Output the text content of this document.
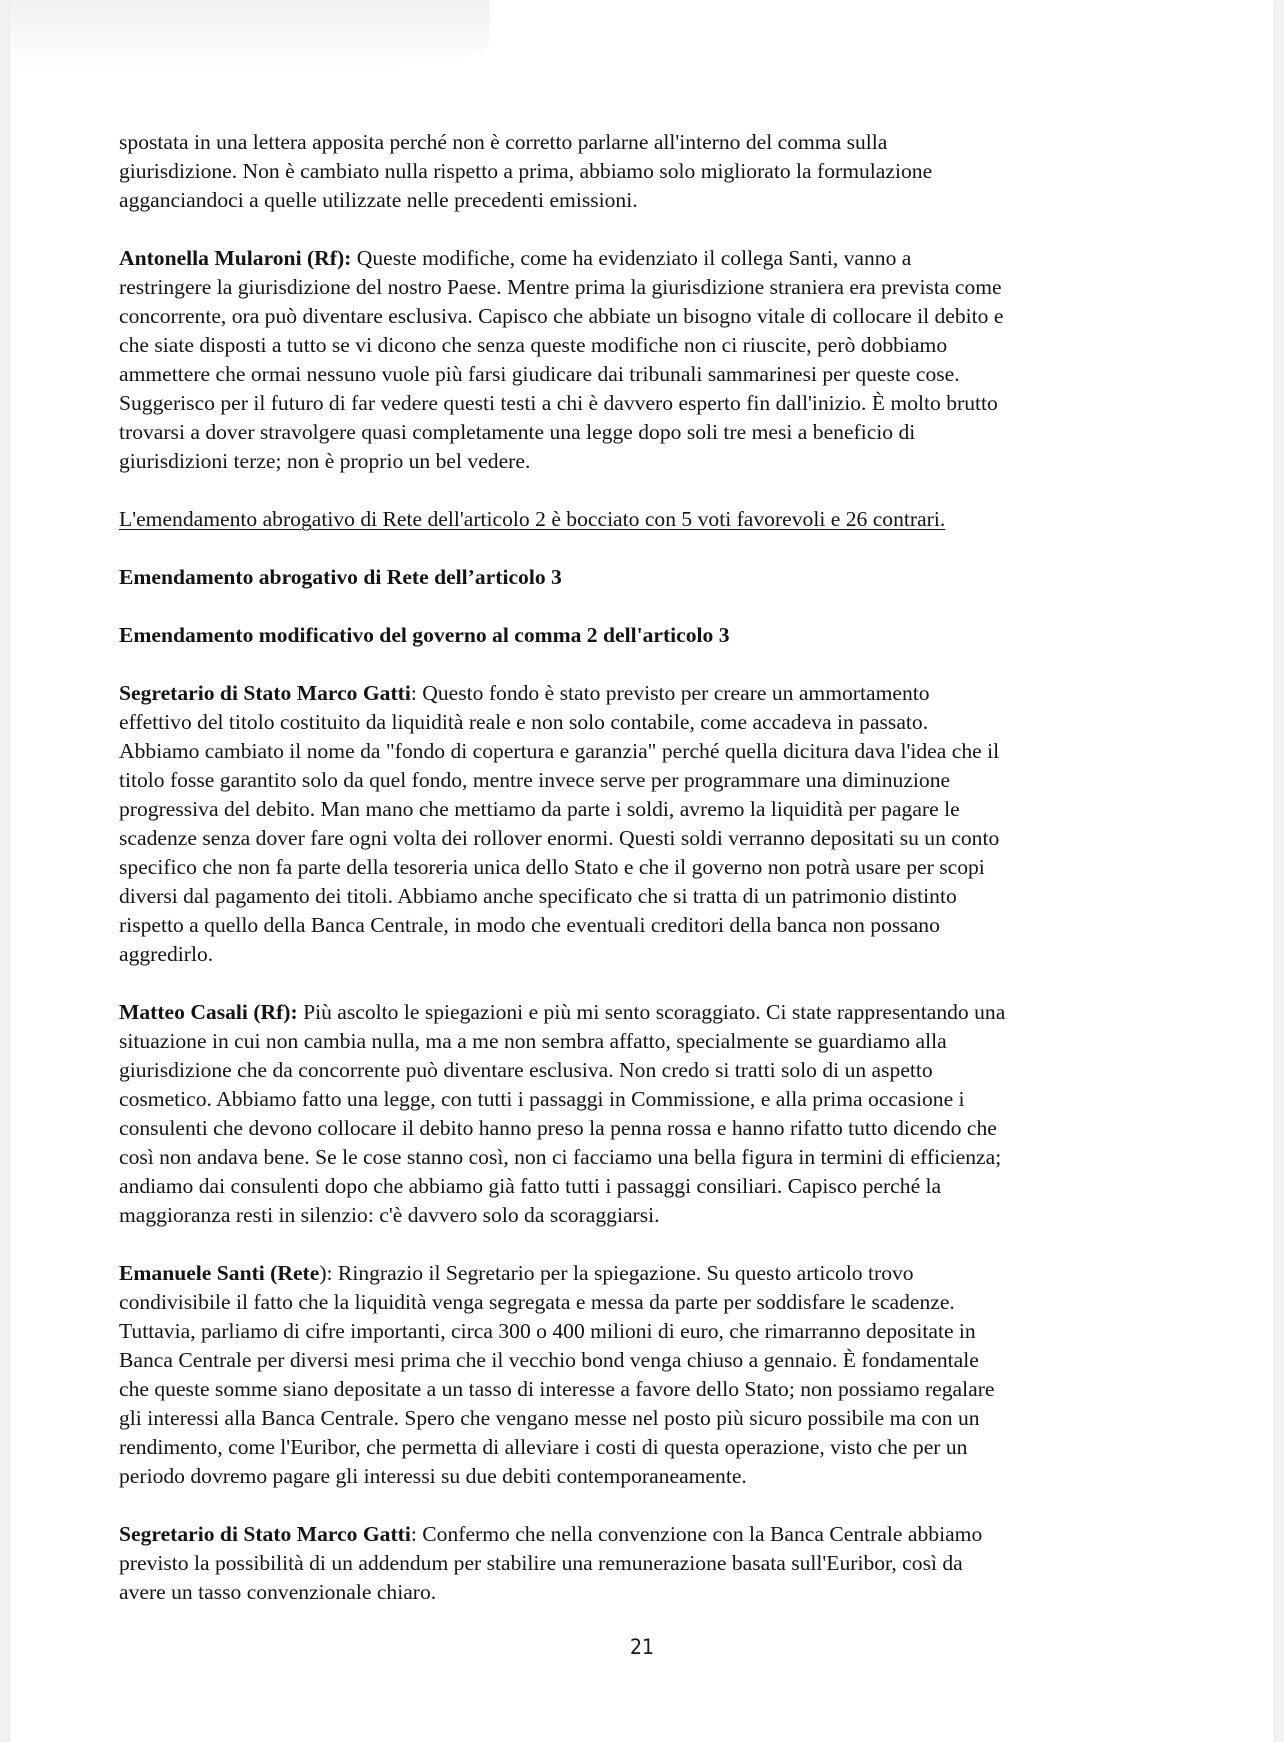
spostata in una lettera apposita perché non è corretto parlarne all'interno del comma sulla
giurisdizione. Non è cambiato nulla rispetto a prima, abbiamo solo migliorato la formulazione
agganciandoci a quelle utilizzate nelle precedenti emissioni.

Antonella Mularoni (Rf): Queste modifiche, come ha evidenziato il collega Santi, vanno a
restringere la giurisdizione del nostro Paese. Mentre prima la giurisdizione straniera era prevista come
concorrente, ora può diventare esclusiva. Capisco che abbiate un bisogno vitale di collocare il debito e
che siate disposti a tutto se vi dicono che senza queste modifiche non ci riuscite, però dobbiamo
ammettere che ormai nessuno vuole più farsi giudicare dai tribunali sammarinesi per queste cose.
Suggerisco per il futuro di far vedere questi testi a chi è davvero esperto fin dall'inizio. È molto brutto
trovarsi a dover stravolgere quasi completamente una legge dopo soli tre mesi a beneficio di
giurisdizioni terze; non è proprio un bel vedere.

L'emendamento abrogativo di Rete dell'articolo 2 è bocciato con 5 voti favorevoli e 26 contrari.

Emendamento abrogativo di Rete dell’articolo 3

Emendamento modificativo del governo al comma 2 dell'articolo 3

Segretario di Stato Marco Gatti: Questo fondo è stato previsto per creare un ammortamento
effettivo del titolo costituito da liquidità reale e non solo contabile, come accadeva in passato.
Abbiamo cambiato il nome da "fondo di copertura e garanzia" perché quella dicitura dava l'idea che il
titolo fosse garantito solo da quel fondo, mentre invece serve per programmare una diminuzione
progressiva del debito. Man mano che mettiamo da parte i soldi, avremo la liquidità per pagare le
scadenze senza dover fare ogni volta dei rollover enormi. Questi soldi verranno depositati su un conto
specifico che non fa parte della tesoreria unica dello Stato e che il governo non potrà usare per scopi
diversi dal pagamento dei titoli. Abbiamo anche specificato che si tratta di un patrimonio distinto
rispetto a quello della Banca Centrale, in modo che eventuali creditori della banca non possano
aggredirlo.

Matteo Casali (Rf): Più ascolto le spiegazioni e più mi sento scoraggiato. Ci state rappresentando una
situazione in cui non cambia nulla, ma a me non sembra affatto, specialmente se guardiamo alla
giurisdizione che da concorrente può diventare esclusiva. Non credo si tratti solo di un aspetto
cosmetico. Abbiamo fatto una legge, con tutti i passaggi in Commissione, e alla prima occasione i
consulenti che devono collocare il debito hanno preso la penna rossa e hanno rifatto tutto dicendo che
così non andava bene. Se le cose stanno così, non ci facciamo una bella figura in termini di efficienza;
andiamo dai consulenti dopo che abbiamo già fatto tutti i passaggi consiliari. Capisco perché la
maggioranza resti in silenzio: c'è davvero solo da scoraggiarsi.

Emanuele Santi (Rete): Ringrazio il Segretario per la spiegazione. Su questo articolo trovo
condivisibile il fatto che la liquidità venga segregata e messa da parte per soddisfare le scadenze.
Tuttavia, parliamo di cifre importanti, circa 300 o 400 milioni di euro, che rimarranno depositate in
Banca Centrale per diversi mesi prima che il vecchio bond venga chiuso a gennaio. È fondamentale
che queste somme siano depositate a un tasso di interesse a favore dello Stato; non possiamo regalare
gli interessi alla Banca Centrale. Spero che vengano messe nel posto più sicuro possibile ma con un
rendimento, come l'Euribor, che permetta di alleviare i costi di questa operazione, visto che per un
periodo dovremo pagare gli interessi su due debiti contemporaneamente.

Segretario di Stato Marco Gatti: Confermo che nella convenzione con la Banca Centrale abbiamo
previsto la possibilità di un addendum per stabilire una remunerazione basata sull'Euribor, così da
avere un tasso convenzionale chiaro.

21
